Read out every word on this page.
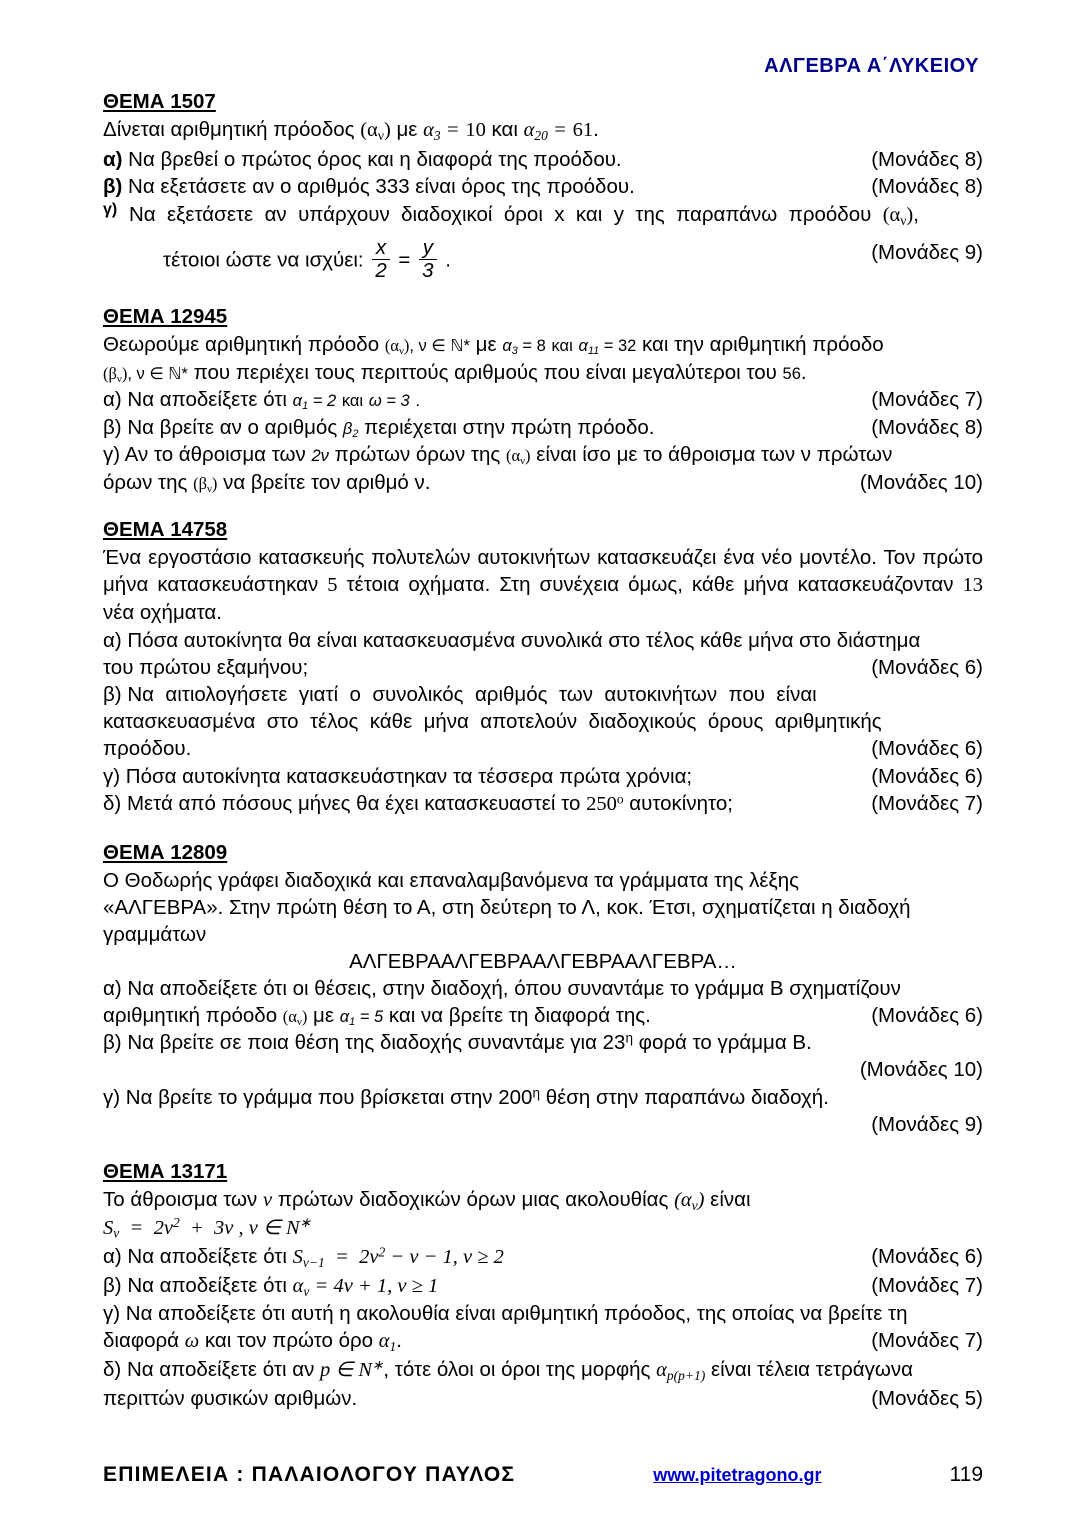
ΑΛΓΕΒΡΑ Α΄ΛΥΚΕΙΟΥ
ΘΕΜΑ 1507
Δίνεται αριθμητική πρόοδος $(\alpha_\nu)$ με $\alpha_3 = 10$ και $\alpha_{20} = 61$.
α) Να βρεθεί ο πρώτος όρος και η διαφορά της προόδου.	(Μονάδες 8)
β) Να εξετάσετε αν ο αριθμός 333 είναι όρος της προόδου.	(Μονάδες 8)
γ) Να  εξετάσετε  αν  υπάρχουν  διαδοχικοί  όροι  x  και  y  της  παραπάνω  προόδου  $(\alpha_\nu)$,
τέτοιοι ώστε να ισχύει: $\frac{x}{2} = \frac{y}{3}$ .	(Μονάδες 9)
ΘΕΜΑ 12945
Θεωρούμε αριθμητική πρόοδο $(\alpha_\nu)$, ν ∈ ℕ* με $\alpha_3 = 8$ και $\alpha_{11} = 32$ και την αριθμητική πρόοδο
$(\beta_\nu)$, ν ∈ ℕ* που περιέχει τους περιττούς αριθμούς που είναι μεγαλύτεροι του 56.
α) Να αποδείξετε ότι $\alpha_1 = 2$ και ω = 3 .	(Μονάδες 7)
β) Να βρείτε αν ο αριθμός $\beta_2$ περιέχεται στην πρώτη πρόοδο.	(Μονάδες 8)
γ) Αν το άθροισμα των 2ν πρώτων όρων της $(\alpha_\nu)$ είναι ίσο με το άθροισμα των ν πρώτων
όρων της $(\beta_\nu)$ να βρείτε τον αριθμό ν.	(Μονάδες 10)
ΘΕΜΑ 14758
Ένα εργοστάσιο κατασκευής πολυτελών αυτοκινήτων κατασκευάζει ένα νέο μοντέλο. Τον πρώτο μήνα κατασκευάστηκαν 5 τέτοια οχήματα. Στη συνέχεια όμως, κάθε μήνα κατασκευάζονταν 13 νέα οχήματα.
α) Πόσα αυτοκίνητα θα είναι κατασκευασμένα συνολικά στο τέλος κάθε μήνα στο διάστημα
του πρώτου εξαμήνου;	(Μονάδες 6)
β) Να  αιτιολογήσετε  γιατί  ο  συνολικός  αριθμός  των  αυτοκινήτων  που  είναι
κατασκευασμένα  στο  τέλος  κάθε  μήνα  αποτελούν  διαδοχικούς  όρους  αριθμητικής
προόδου.	(Μονάδες 6)
γ) Πόσα αυτοκίνητα κατασκευάστηκαν τα τέσσερα πρώτα χρόνια;	(Μονάδες 6)
δ) Μετά από πόσους μήνες θα έχει κατασκευαστεί το $250^o$ αυτοκίνητο;	(Μονάδες 7)
ΘΕΜΑ 12809
Ο Θοδωρής γράφει διαδοχικά και επαναλαμβανόμενα τα γράμματα της λέξης
«ΑΛΓΕΒΡΑ». Στην πρώτη θέση το Α, στη δεύτερη το Λ, κοκ. Έτσι, σχηματίζεται η διαδοχή
γραμμάτων
ΑΛΓΕΒΡΑΑΛΓΕΒΡΑΑΛΓΕΒΡΑΑΛΓΕΒΡΑ…
α) Να αποδείξετε ότι οι θέσεις, στην διαδοχή, όπου συναντάμε το γράμμα Β σχηματίζουν
αριθμητική πρόοδο $(\alpha_\nu)$ με $\alpha_1 = 5$ και να βρείτε τη διαφορά της.	(Μονάδες 6)
β) Να βρείτε σε ποια θέση της διαδοχής συναντάμε για $23^\eta$ φορά το γράμμα Β.
(Μονάδες 10)
γ) Να βρείτε το γράμμα που βρίσκεται στην $200^\eta$ θέση στην παραπάνω διαδοχή.
(Μονάδες 9)
ΘΕΜΑ 13171
Το άθροισμα των ν πρώτων διαδοχικών όρων μιας ακολουθίας $(\alpha_\nu)$ είναι
$S_\nu = 2\nu^2 + 3\nu$ , ν ∈ N∗
α) Να αποδείξετε ότι $S_{\nu-1} = 2\nu^2 - \nu - 1$, ν ≥ 2	(Μονάδες 6)
β) Να αποδείξετε ότι $\alpha_\nu = 4\nu + 1$, ν ≥ 1	(Μονάδες 7)
γ) Να αποδείξετε ότι αυτή η ακολουθία είναι αριθμητική πρόοδος, της οποίας να βρείτε τη
διαφορά ω και τον πρώτο όρο $\alpha_1$.	(Μονάδες 7)
δ) Να αποδείξετε ότι αν p ∈ N∗, τότε όλοι οι όροι της μορφής $\alpha_{p(p+1)}$ είναι τέλεια τετράγωνα
περιττών φυσικών αριθμών.	(Μονάδες 5)
ΕΠΙΜΕΛΕΙΑ : ΠΑΛΑΙΟΛΟΓΟΥ ΠΑΥΛΟΣ	www.pitetragono.gr	119
